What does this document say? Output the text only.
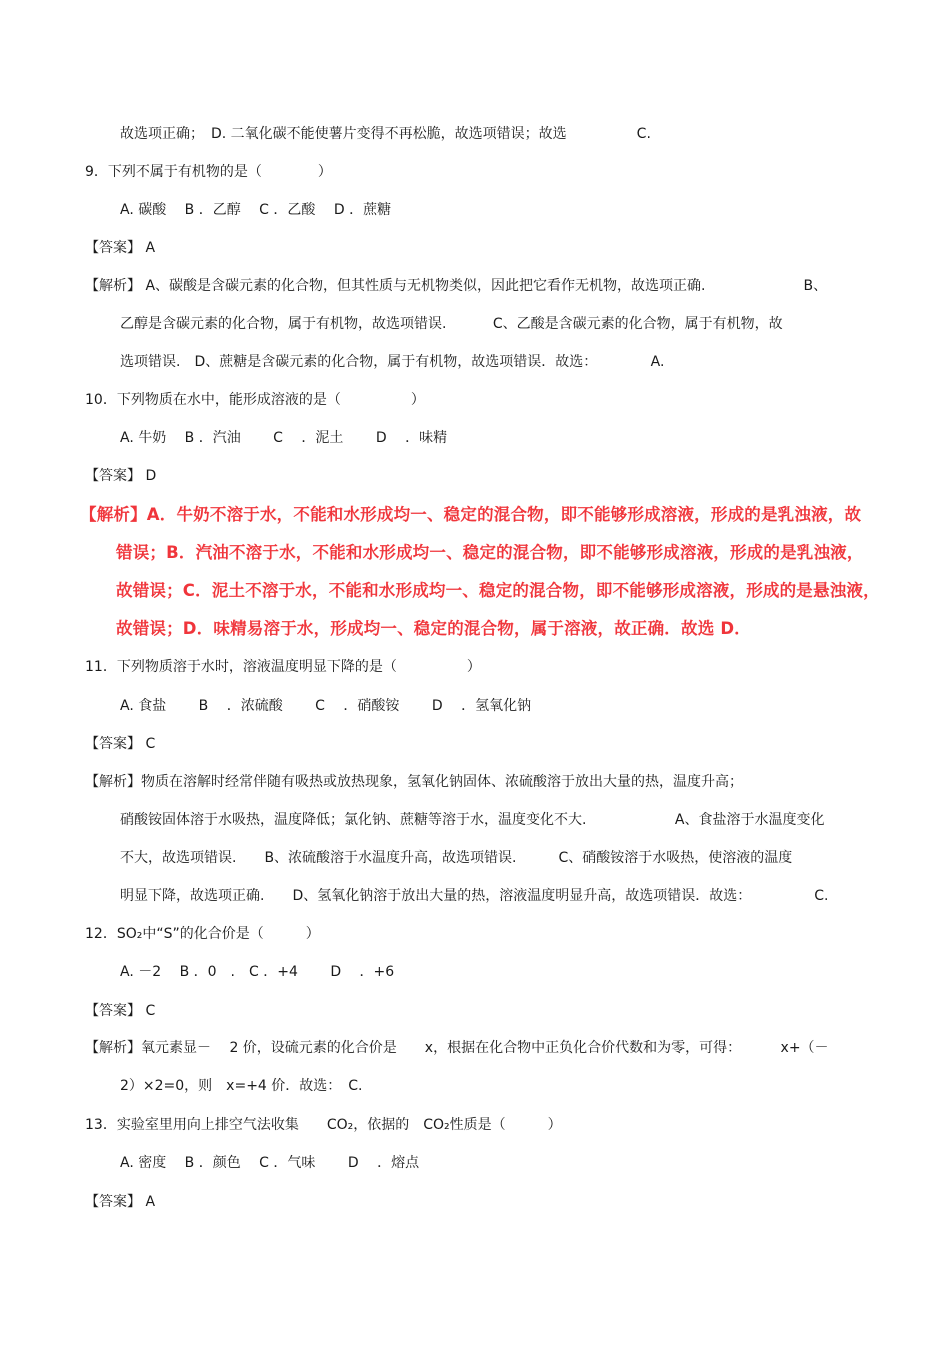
故选项正确；　D. 二氧化碳不能使薯片变得不再松脆，故选项错误；故选　　　　　C.
9．下列不属于有机物的是（　　　　）
A. 碳酸　 B ．乙醇　 C ．乙酸　 D ．蔗糖
【答案】 A
【解析】 A、碳酸是含碳元素的化合物，但其性质与无机物类似，因此把它看作无机物，故选项正确.　　　　　　　B、
乙醇是含碳元素的化合物，属于有机物，故选项错误.　　　 C、乙酸是含碳元素的化合物，属于有机物，故
选项错误.　D、蔗糖是含碳元素的化合物，属于有机物，故选项错误．故选：　　　　 A.
10．下列物质在水中，能形成溶液的是（　　　　　）
A. 牛奶　 B ．汽油　　 C 　．泥土　　 D 　．味精
【答案】 D
【解析】A．牛奶不溶于水，不能和水形成均一、稳定的混合物，即不能够形成溶液，形成的是乳浊液，故
错误；B．汽油不溶于水，不能和水形成均一、稳定的混合物，即不能够形成溶液，形成的是乳浊液，
故错误；C．泥土不溶于水，不能和水形成均一、稳定的混合物，即不能够形成溶液，形成的是悬浊液，
故错误；D．味精易溶于水，形成均一、稳定的混合物，属于溶液，故正确．故选 D．
11．下列物质溶于水时，溶液温度明显下降的是（　　　　　）
A. 食盐　　 B 　．浓硫酸　　 C 　．硝酸铵　　 D 　．氢氧化钠
【答案】 C
【解析】物质在溶解时经常伴随有吸热或放热现象，氢氧化钠固体、浓硫酸溶于放出大量的热，温度升高；
硝酸铵固体溶于水吸热，温度降低；氯化钠、蔗糖等溶于水，温度变化不大.　　　　　　 A、食盐溶于水温度变化
不大，故选项错误.　　B、浓硫酸溶于水温度升高，故选项错误.　　　C、硝酸铵溶于水吸热，使溶液的温度
明显下降，故选项正确.　　D、氢氧化钠溶于放出大量的热，溶液温度明显升高，故选项错误．故选：　　　　　C.
12．SO₂中“S”的化合价是（　　　）
A. －2　 B ．0　.　C ．+4　　 D 　．+6
【答案】 C
【解析】氧元素显－　 2 价，设硫元素的化合价是　　x，根据在化合物中正负化合价代数和为零，可得：　　　 x+（－
2）×2=0，则　x=+4 价．故选：　C.
13．实验室里用向上排空气法收集　　CO₂，依据的　CO₂性质是（　　　）
A. 密度　 B ．颜色　 C ．气味　　 D 　．熔点
【答案】 A
